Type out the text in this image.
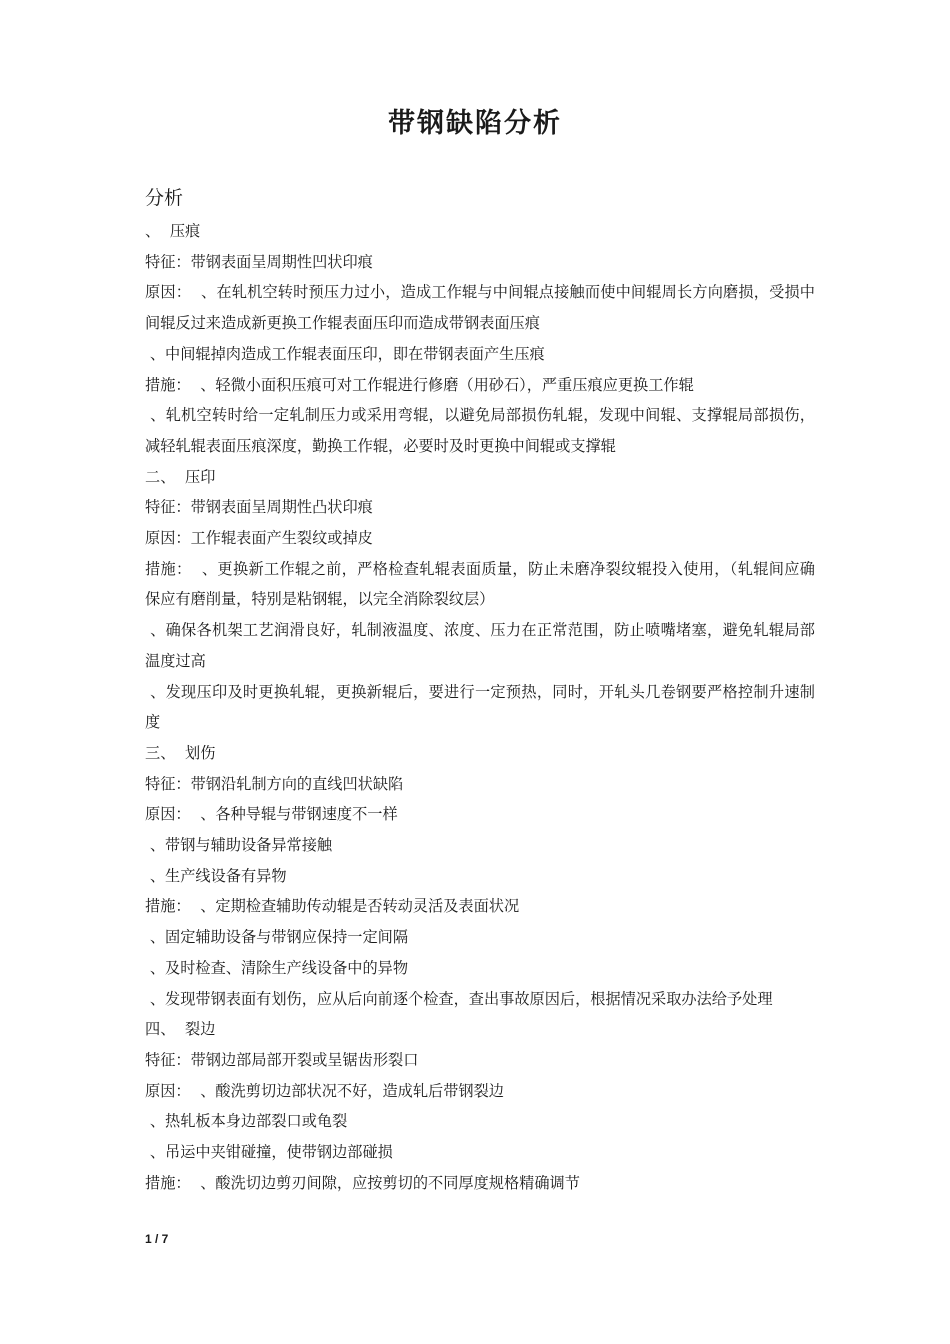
带钢缺陷分析
分析

、  压痕

特征：带钢表面呈周期性凹状印痕

原因：  、在轧机空转时预压力过小，造成工作辊与中间辊点接触而使中间辊周长方向磨损，受损中间辊反过来造成新更换工作辊表面压印而造成带钢表面压痕

、中间辊掉肉造成工作辊表面压印，即在带钢表面产生压痕

措施：  、轻微小面积压痕可对工作辊进行修磨（用砂石），严重压痕应更换工作辊

、轧机空转时给一定轧制压力或采用弯辊，以避免局部损伤轧辊，发现中间辊、支撑辊局部损伤，减轻轧辊表面压痕深度，勤换工作辊，必要时及时更换中间辊或支撑辊

二、  压印

特征：带钢表面呈周期性凸状印痕

原因：工作辊表面产生裂纹或掉皮

措施：  、更换新工作辊之前，严格检查轧辊表面质量，防止未磨净裂纹辊投入使用，（轧辊间应确保应有磨削量，特别是粘钢辊，以完全消除裂纹层）

、确保各机架工艺润滑良好，轧制液温度、浓度、压力在正常范围，防止喷嘴堵塞，避免轧辊局部温度过高

、发现压印及时更换轧辊，更换新辊后，要进行一定预热，同时，开轧头几卷钢要严格控制升速制度

三、  划伤

特征：带钢沿轧制方向的直线凹状缺陷

原因：  、各种导辊与带钢速度不一样

、带钢与辅助设备异常接触

、生产线设备有异物

措施：  、定期检查辅助传动辊是否转动灵活及表面状况

、固定辅助设备与带钢应保持一定间隔

、及时检查、清除生产线设备中的异物

、发现带钢表面有划伤，应从后向前逐个检查，查出事故原因后，根据情况采取办法给予处理

四、  裂边

特征：带钢边部局部开裂或呈锯齿形裂口

原因：  、酸洗剪切边部状况不好，造成轧后带钢裂边

、热轧板本身边部裂口或龟裂

、吊运中夹钳碰撞，使带钢边部碰损

措施：  、酸洗切边剪刃间隙，应按剪切的不同厚度规格精确调节

1 / 7
